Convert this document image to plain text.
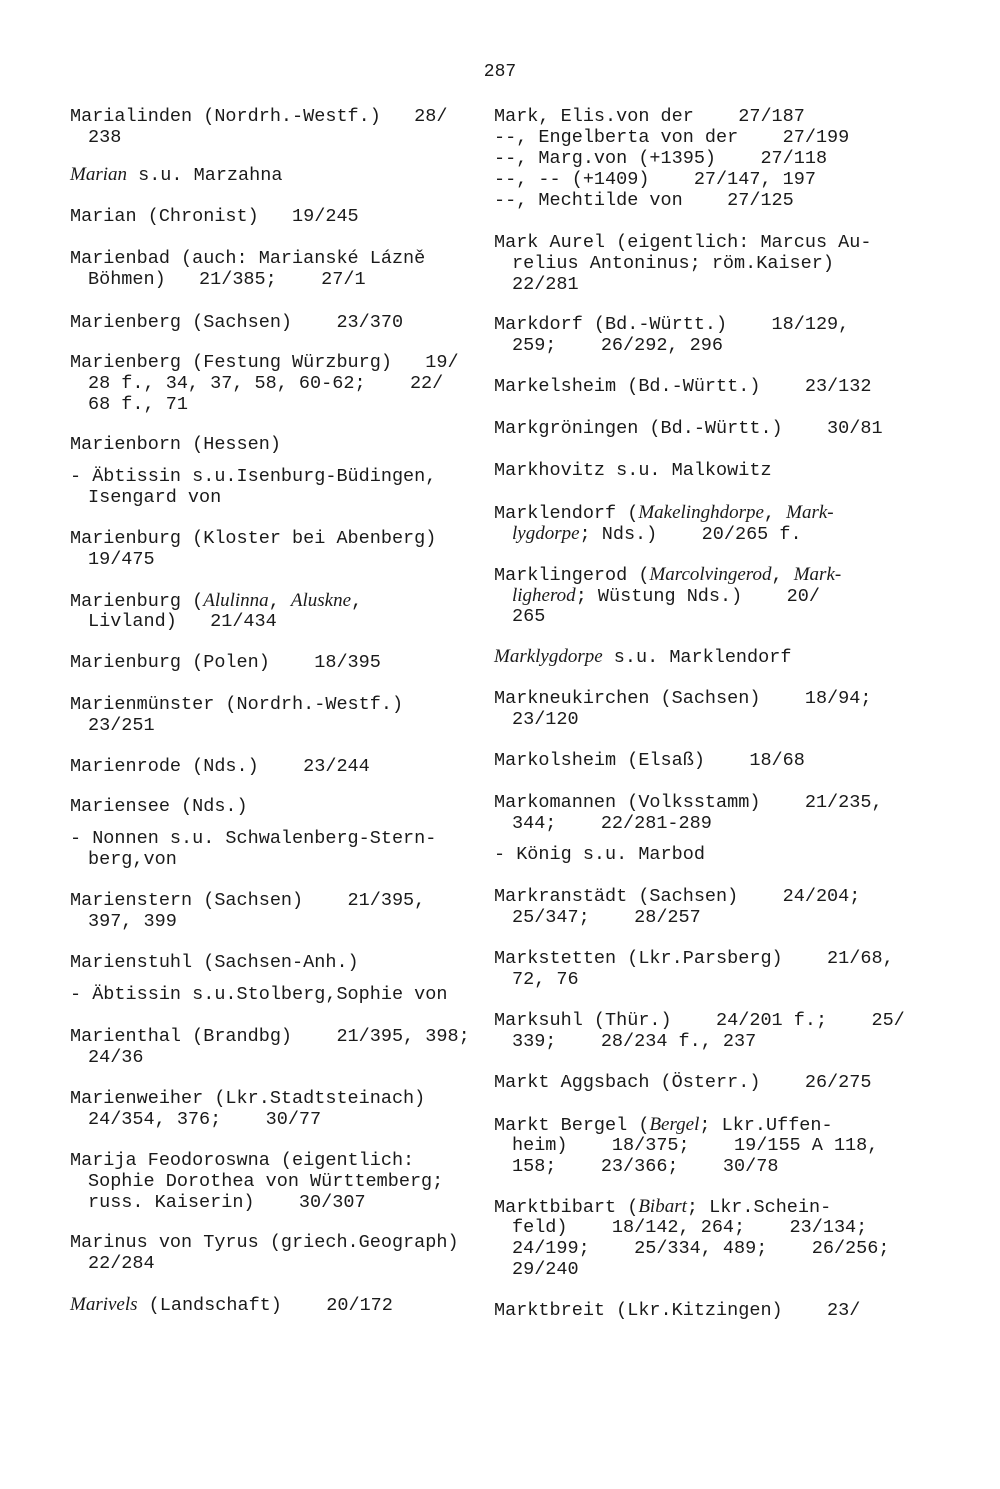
287
Marialinden (Nordrh.-Westf.)   28/
238
Marian s.u. Marzahna
Marian (Chronist)   19/245
Marienbad (auch: Marianské Lázně
Böhmen)   21/385;    27/1
Marienberg (Sachsen)    23/370
Marienberg (Festung Würzburg)   19/
28 f., 34, 37, 58, 60-62;    22/
68 f., 71
Marienborn (Hessen)
- Äbtissin s.u.Isenburg-Büdingen,
Isengard von
Marienburg (Kloster bei Abenberg)
19/475
Marienburg (Alulinna, Aluskne,
Livland)   21/434
Marienburg (Polen)    18/395
Marienmünster (Nordrh.-Westf.)
23/251
Marienrode (Nds.)    23/244
Mariensee (Nds.)
- Nonnen s.u. Schwalenberg-Stern-
berg,von
Marienstern (Sachsen)    21/395,
397, 399
Marienstuhl (Sachsen-Anh.)
- Äbtissin s.u.Stolberg,Sophie von
Marienthal (Brandbg)    21/395, 398;
24/36
Marienweiher (Lkr.Stadtsteinach)
24/354, 376;    30/77
Marija Feodoroswna (eigentlich:
Sophie Dorothea von Württemberg;
russ. Kaiserin)    30/307
Marinus von Tyrus (griech.Geograph)
22/284
Marivels (Landschaft)    20/172
Mark, Elis.von der    27/187
--, Engelberta von der    27/199
--, Marg.von (+1395)    27/118
--, -- (+1409)    27/147, 197
--, Mechtilde von    27/125
Mark Aurel (eigentlich: Marcus Au-
relius Antoninus; röm.Kaiser)
22/281
Markdorf (Bd.-Württ.)    18/129,
259;    26/292, 296
Markelsheim (Bd.-Württ.)    23/132
Markgröningen (Bd.-Württ.)    30/81
Markhovitz s.u. Malkowitz
Marklendorf (Makelinghdorpe, Mark-
lygdorpe; Nds.)    20/265 f.
Marklingerod (Marcolvingerod, Mark-
ligherod; Wüstung Nds.)    20/
265
Marklygdorpe s.u. Marklendorf
Markneukirchen (Sachsen)    18/94;
23/120
Markolsheim (Elsaß)    18/68
Markomannen (Volksstamm)    21/235,
344;    22/281-289
- König s.u. Marbod
Markranstädt (Sachsen)    24/204;
25/347;    28/257
Markstetten (Lkr.Parsberg)    21/68,
72, 76
Marksuhl (Thür.)    24/201 f.;    25/
339;    28/234 f., 237
Markt Aggsbach (Österr.)    26/275
Markt Bergel (Bergel; Lkr.Uffen-
heim)    18/375;    19/155 A 118,
158;    23/366;    30/78
Marktbibart (Bibart; Lkr.Schein-
feld)    18/142, 264;    23/134;
24/199;    25/334, 489;    26/256;
29/240
Marktbreit (Lkr.Kitzingen)    23/
